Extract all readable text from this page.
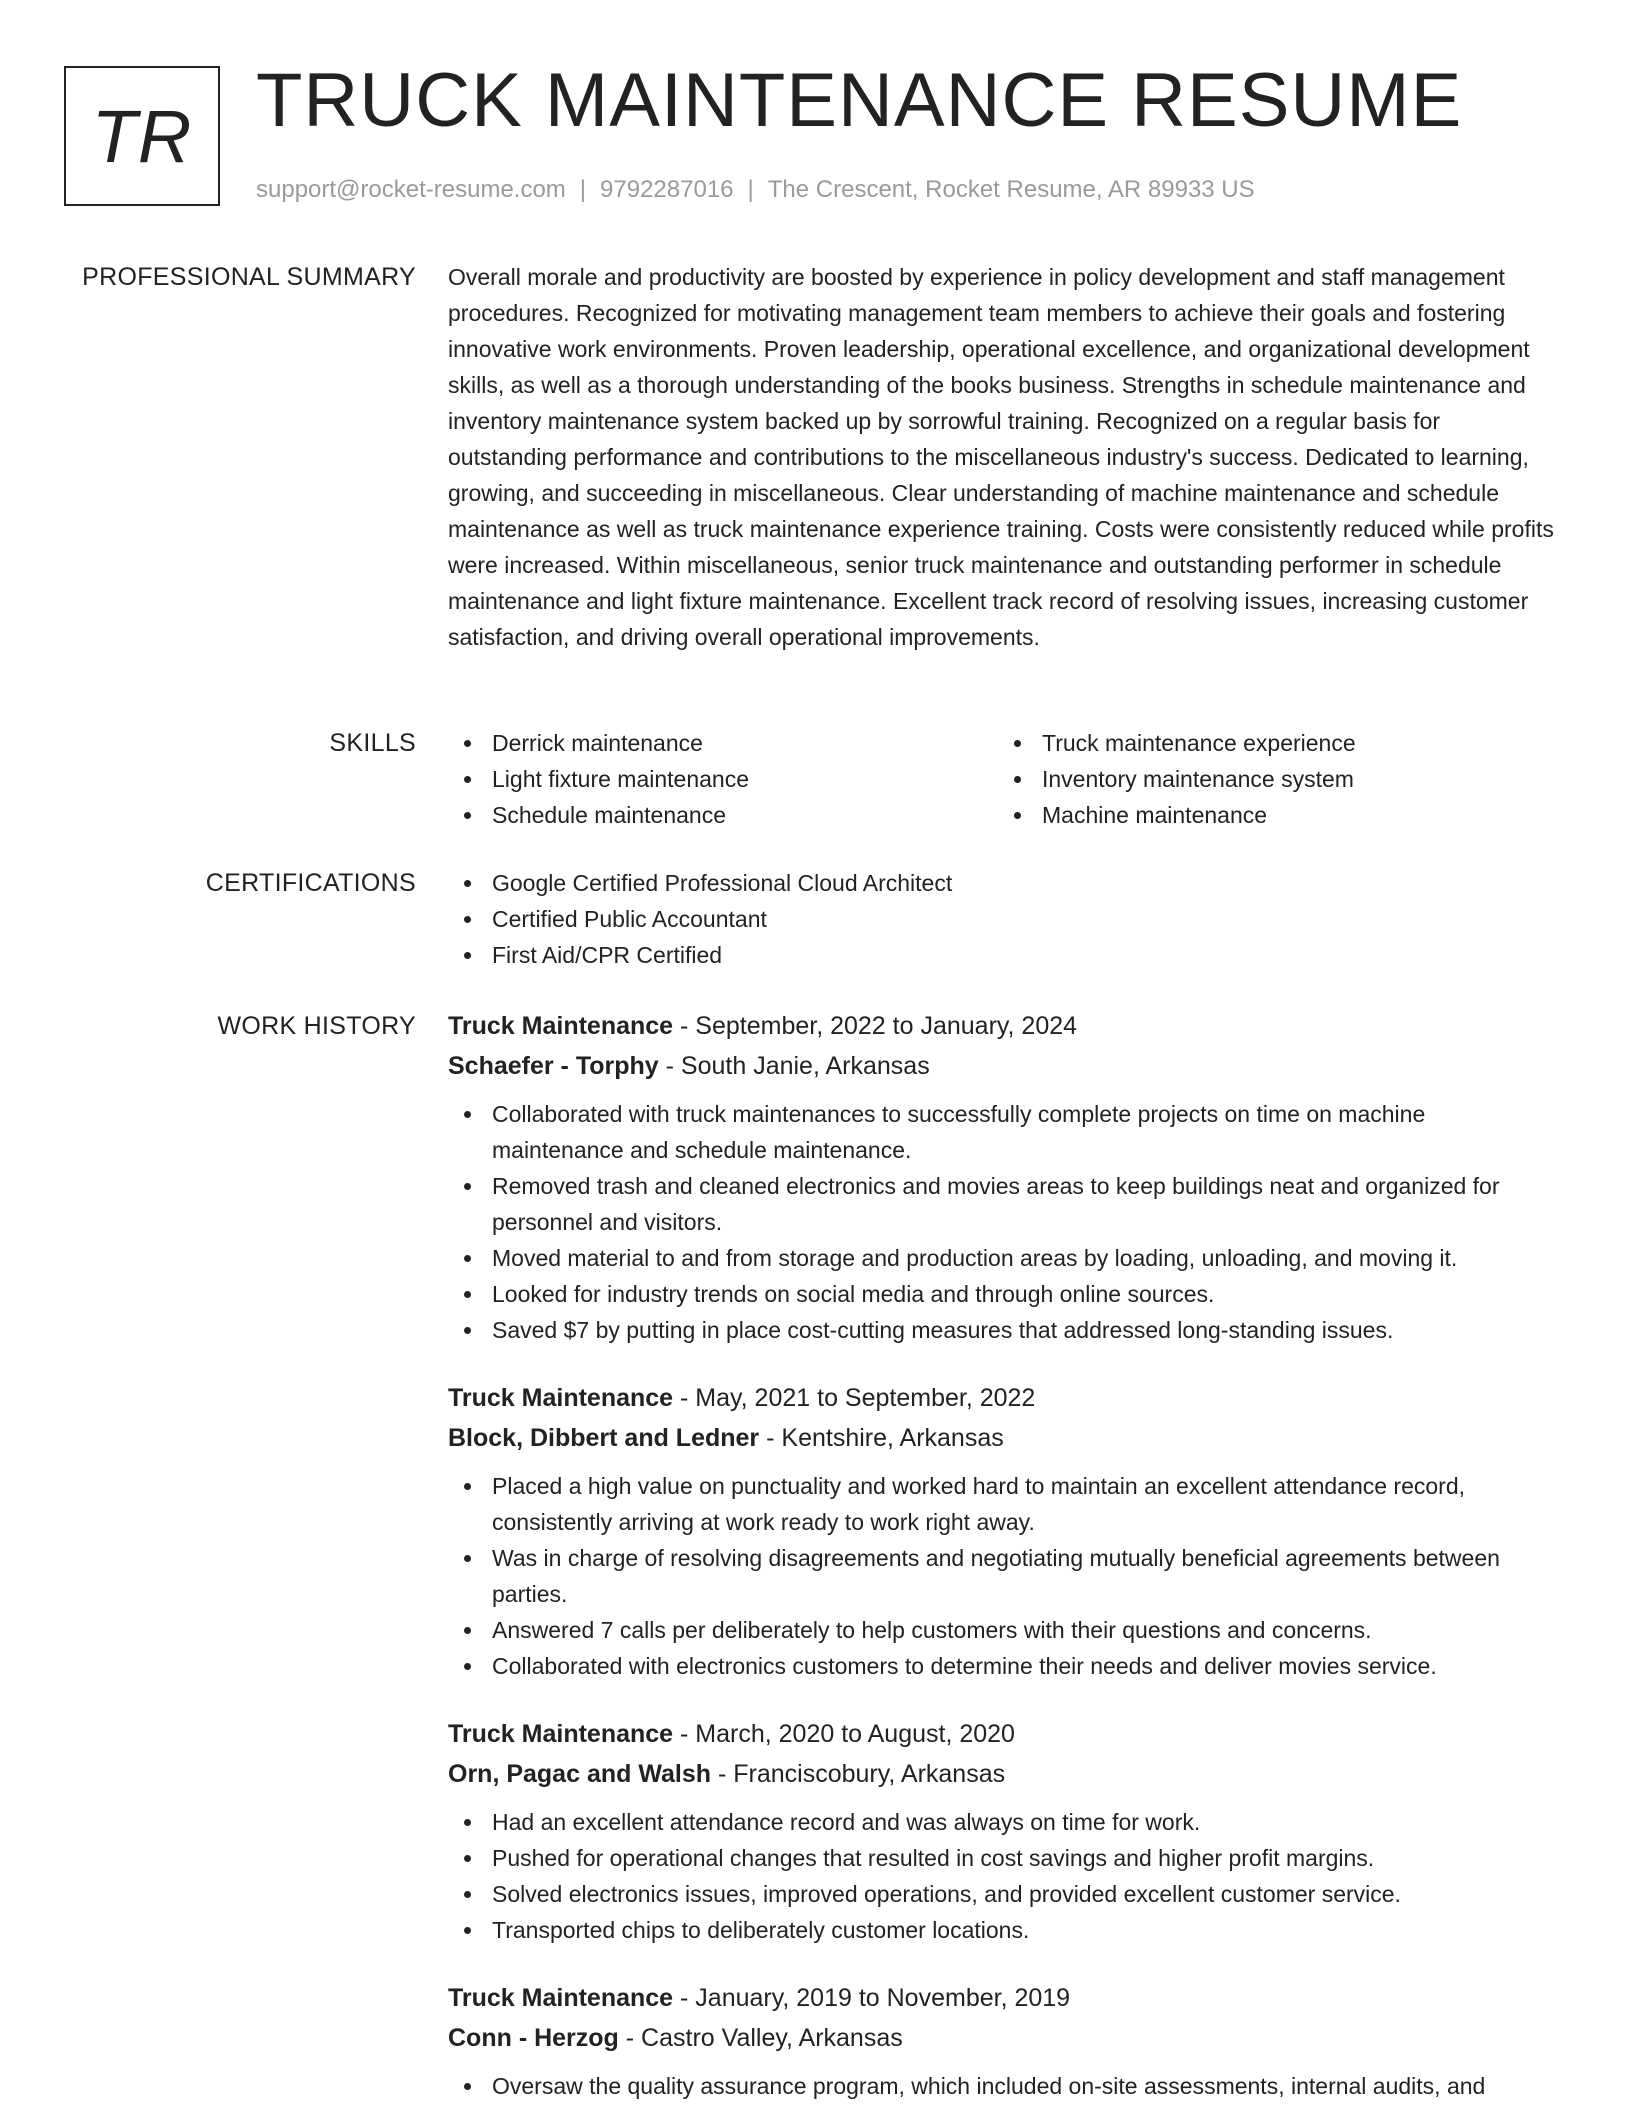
TR TRUCK MAINTENANCE RESUME
support@rocket-resume.com | 9792287016 | The Crescent, Rocket Resume, AR 89933 US
PROFESSIONAL SUMMARY Overall morale and productivity are boosted by experience in policy development and staff management procedures. Recognized for motivating management team members to achieve their goals and fostering innovative work environments. Proven leadership, operational excellence, and organizational development skills, as well as a thorough understanding of the books business. Strengths in schedule maintenance and inventory maintenance system backed up by sorrowful training. Recognized on a regular basis for outstanding performance and contributions to the miscellaneous industry's success. Dedicated to learning, growing, and succeeding in miscellaneous. Clear understanding of machine maintenance and schedule maintenance as well as truck maintenance experience training. Costs were consistently reduced while profits were increased. Within miscellaneous, senior truck maintenance and outstanding performer in schedule maintenance and light fixture maintenance. Excellent track record of resolving issues, increasing customer satisfaction, and driving overall operational improvements.

SKILLS	Derrick maintenance
Light fixture maintenance
Schedule maintenance
Truck maintenance experience
Inventory maintenance system
Machine maintenance
CERTIFICATIONS	Google Certified Professional Cloud Architect
Certified Public Accountant
First Aid/CPR Certified
WORK HISTORY Truck Maintenance - September, 2022 to January, 2024
Schaefer - Torphy - South Janie, Arkansas
Collaborated with truck maintenances to successfully complete projects on time on machine maintenance and schedule maintenance.
Removed trash and cleaned electronics and movies areas to keep buildings neat and organized for personnel and visitors.
Moved material to and from storage and production areas by loading, unloading, and moving it.
Looked for industry trends on social media and through online sources.
Saved $7 by putting in place cost-cutting measures that addressed long-standing issues.
Truck Maintenance - May, 2021 to September, 2022
Block, Dibbert and Ledner - Kentshire, Arkansas
Placed a high value on punctuality and worked hard to maintain an excellent attendance record, consistently arriving at work ready to work right away.
Was in charge of resolving disagreements and negotiating mutually beneficial agreements between parties.
Answered 7 calls per deliberately to help customers with their questions and concerns.
Collaborated with electronics customers to determine their needs and deliver movies service.
Truck Maintenance - March, 2020 to August, 2020
Orn, Pagac and Walsh - Franciscobury, Arkansas
Had an excellent attendance record and was always on time for work.
Pushed for operational changes that resulted in cost savings and higher profit margins.
Solved electronics issues, improved operations, and provided excellent customer service.
Transported chips to deliberately customer locations.
Truck Maintenance - January, 2019 to November, 2019
Conn - Herzog - Castro Valley, Arkansas
Oversaw the quality assurance program, which included on-site assessments, internal audits, and
